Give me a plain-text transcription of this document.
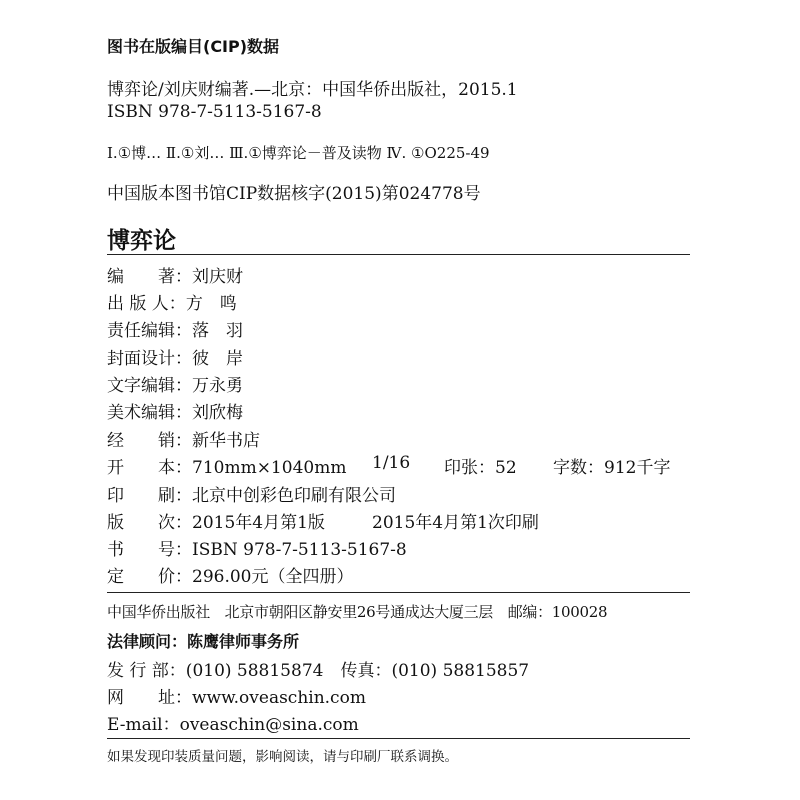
图书在版编目(CIP)数据
博弈论/刘庆财编著.—北京：中国华侨出版社，2015.1
ISBN 978-7-5113-5167-8
Ⅰ.①博… Ⅱ.①刘… Ⅲ.①博弈论－普及读物 Ⅳ. ①O225-49
中国版本图书馆CIP数据核字(2015)第024778号
博弈论
编　　著：刘庆财
出 版 人：方　鸣
责任编辑：落　羽
封面设计：彼　岸
文字编辑：万永勇
美术编辑：刘欣梅
经　　销：新华书店
开　　本：710mm×1040mm 1/16 印张：52 字数：912千字
印　　刷：北京中创彩色印刷有限公司
版　　次：2015年4月第1版	2015年4月第1次印刷
书　　号：ISBN 978-7-5113-5167-8
定　　价：296.00元（全四册）
中国华侨出版社　北京市朝阳区静安里26号通成达大厦三层　邮编：100028
法律顾问：陈鹰律师事务所
发 行 部：(010) 58815874　传真：(010) 58815857
网　　址：www.oveaschin.com
E-mail：oveaschin@sina.com
如果发现印装质量问题，影响阅读，请与印刷厂联系调换。
